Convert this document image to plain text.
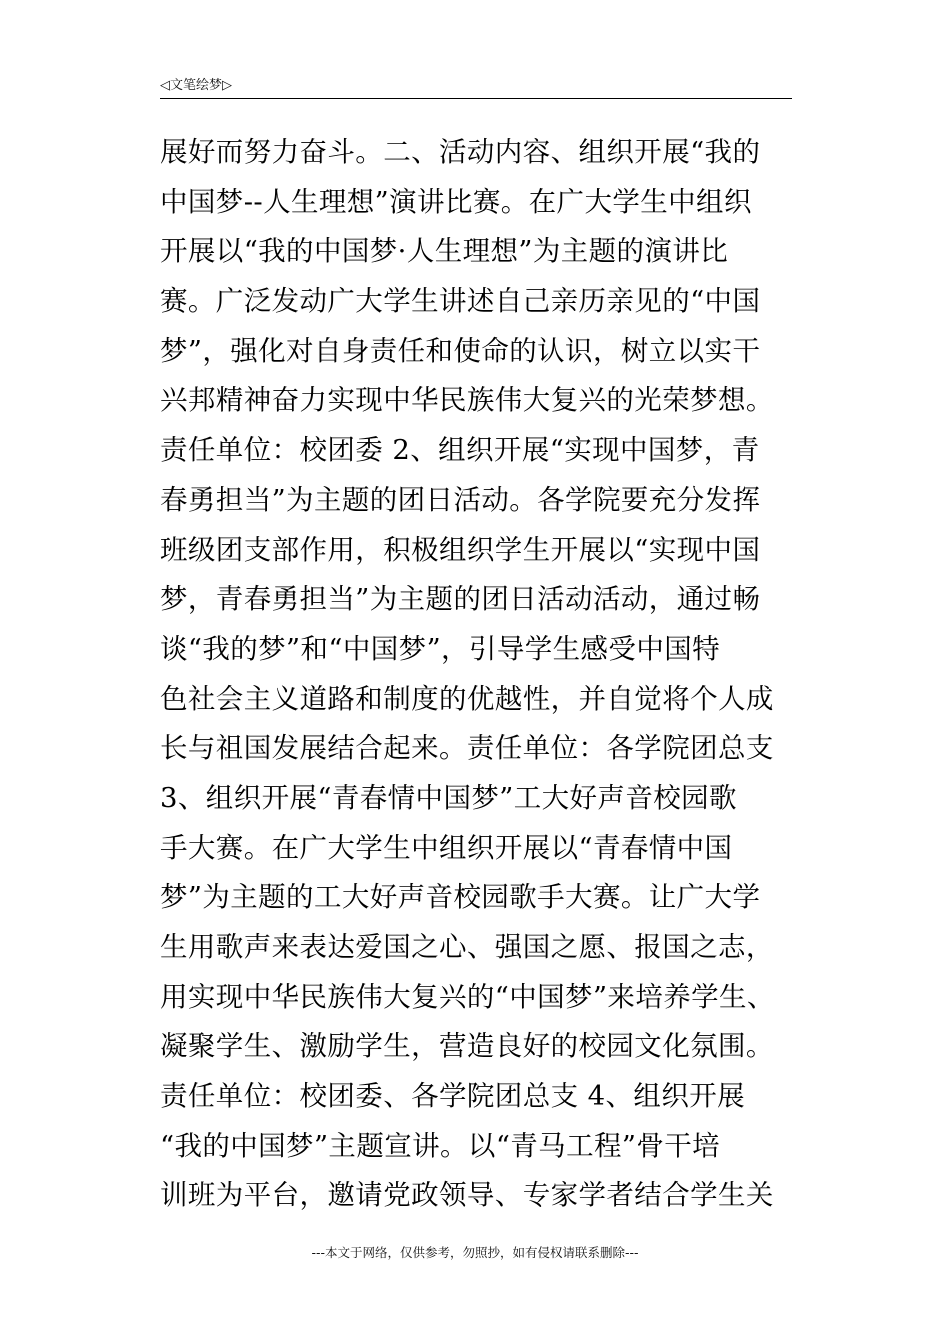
◁文笔绘梦▷
展好而努力奋斗。二、活动内容、组织开展“我的
中国梦--人生理想”演讲比赛。在广大学生中组织
开展以“我的中国梦·人生理想”为主题的演讲比
赛。广泛发动广大学生讲述自己亲历亲见的“中国
梦”，强化对自身责任和使命的认识，树立以实干
兴邦精神奋力实现中华民族伟大复兴的光荣梦想。
责任单位：校团委 2、组织开展“实现中国梦，青
春勇担当”为主题的团日活动。各学院要充分发挥
班级团支部作用，积极组织学生开展以“实现中国
梦，青春勇担当”为主题的团日活动活动，通过畅
谈“我的梦”和“中国梦”，引导学生感受中国特
色社会主义道路和制度的优越性，并自觉将个人成
长与祖国发展结合起来。责任单位：各学院团总支
3、组织开展“青春情中国梦”工大好声音校园歌
手大赛。在广大学生中组织开展以“青春情中国
梦”为主题的工大好声音校园歌手大赛。让广大学
生用歌声来表达爱国之心、强国之愿、报国之志，
用实现中华民族伟大复兴的“中国梦”来培养学生、
凝聚学生、激励学生，营造良好的校园文化氛围。
责任单位：校团委、各学院团总支 4、组织开展
“我的中国梦”主题宣讲。以“青马工程”骨干培
训班为平台，邀请党政领导、专家学者结合学生关
---本文于网络，仅供参考，勿照抄，如有侵权请联系删除---
